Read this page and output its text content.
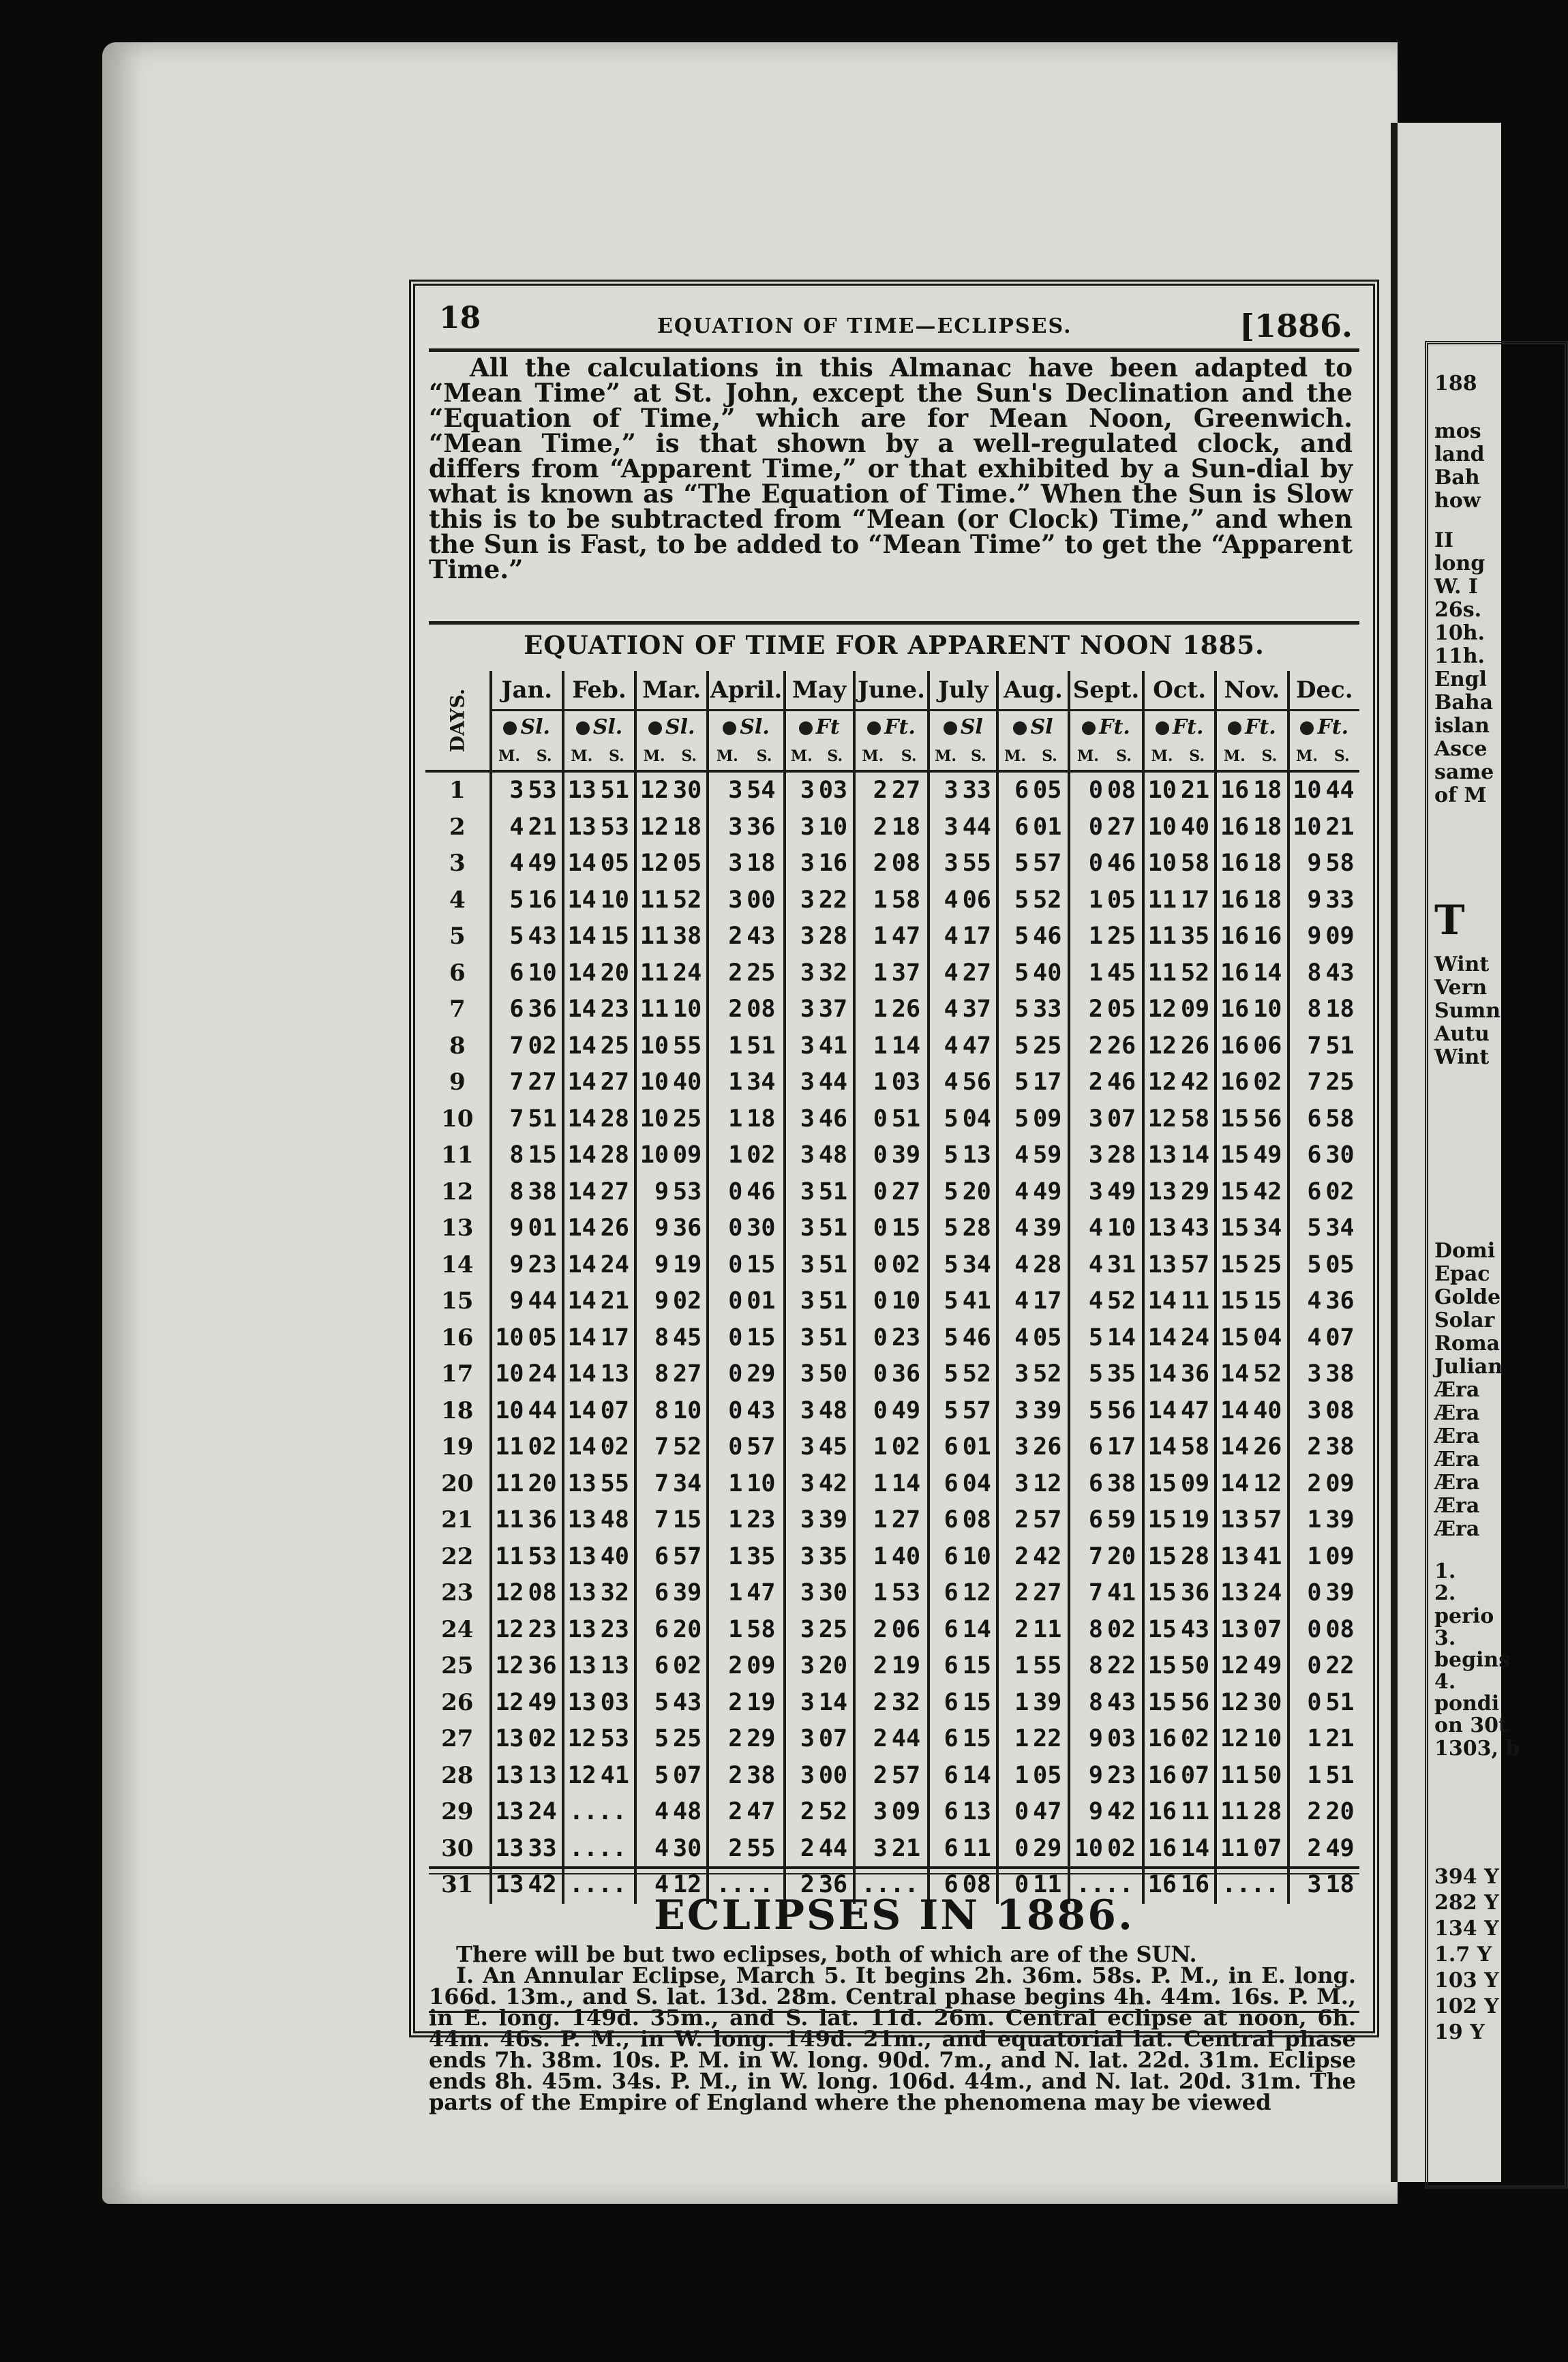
188
mos
land
Bah
how
II
long
W. I
26s.
10h.
11h.
Engl
Baha
islan
Asce
same
of M
T
Wint
Vern
Sumn
Autu
Wint
Domi
Epac
Golde
Solar
Roma
Julian
Æra
Æra
Æra
Æra
Æra
Æra
Æra
1.
2.
perio
3.
begins
4.
pondi
on 30t
1303, b
394 Y
282 Y
134 Y
1.7 Y
103 Y
102 Y
19 Y
18	EQUATION OF TIME—ECLIPSES.	[1886.

All the calculations in this Almanac have been adapted to “Mean Time” at St. John, except the Sun's Declination and the “Equation of Time,” which are for Mean Noon, Greenwich. “Mean Time,” is that shown by a well-regulated clock, and differs from “Apparent Time,” or that exhibited by a Sun-dial by what is known as “The Equation of Time.” When the Sun is Slow this is to be subtracted from “Mean (or Clock) Time,” and when the Sun is Fast, to be added to “Mean Time” to get the “Apparent Time.”

EQUATION OF TIME FOR APPARENT NOON 1885.
DAYS.	Jan.		Feb.		Mar.		April.		May		June.		July		Aug.		Sept.		Oct.		Nov.		Dec.	
	Sl.		Sl.		Sl.		Sl.		Ft		Ft.		Sl		Sl		Ft.		Ft.		Ft.		Ft.	
	M.	S.	M.	S.	M.	S.	M.	S.	M.	S.	M.	S.	M.	S.	M.	S.	M.	S.	M.	S.	M.	S.	M.	S.
1	3	53	13	51	12	30	3	54	3	03	2	27	3	33	6	05	0	08	10	21	16	18	10	44
2	4	21	13	53	12	18	3	36	3	10	2	18	3	44	6	01	0	27	10	40	16	18	10	21
3	4	49	14	05	12	05	3	18	3	16	2	08	3	55	5	57	0	46	10	58	16	18	9	58
4	5	16	14	10	11	52	3	00	3	22	1	58	4	06	5	52	1	05	11	17	16	18	9	33
5	5	43	14	15	11	38	2	43	3	28	1	47	4	17	5	46	1	25	11	35	16	16	9	09
6	6	10	14	20	11	24	2	25	3	32	1	37	4	27	5	40	1	45	11	52	16	14	8	43
7	6	36	14	23	11	10	2	08	3	37	1	26	4	37	5	33	2	05	12	09	16	10	8	18
8	7	02	14	25	10	55	1	51	3	41	1	14	4	47	5	25	2	26	12	26	16	06	7	51
9	7	27	14	27	10	40	1	34	3	44	1	03	4	56	5	17	2	46	12	42	16	02	7	25
10	7	51	14	28	10	25	1	18	3	46	0	51	5	04	5	09	3	07	12	58	15	56	6	58
11	8	15	14	28	10	09	1	02	3	48	0	39	5	13	4	59	3	28	13	14	15	49	6	30
12	8	38	14	27	9	53	0	46	3	51	0	27	5	20	4	49	3	49	13	29	15	42	6	02
13	9	01	14	26	9	36	0	30	3	51	0	15	5	28	4	39	4	10	13	43	15	34	5	34
14	9	23	14	24	9	19	0	15	3	51	0	02	5	34	4	28	4	31	13	57	15	25	5	05
15	9	44	14	21	9	02	0	01	3	51	0	10	5	41	4	17	4	52	14	11	15	15	4	36
16	10	05	14	17	8	45	0	15	3	51	0	23	5	46	4	05	5	14	14	24	15	04	4	07
17	10	24	14	13	8	27	0	29	3	50	0	36	5	52	3	52	5	35	14	36	14	52	3	38
18	10	44	14	07	8	10	0	43	3	48	0	49	5	57	3	39	5	56	14	47	14	40	3	08
19	11	02	14	02	7	52	0	57	3	45	1	02	6	01	3	26	6	17	14	58	14	26	2	38
20	11	20	13	55	7	34	1	10	3	42	1	14	6	04	3	12	6	38	15	09	14	12	2	09
21	11	36	13	48	7	15	1	23	3	39	1	27	6	08	2	57	6	59	15	19	13	57	1	39
22	11	53	13	40	6	57	1	35	3	35	1	40	6	10	2	42	7	20	15	28	13	41	1	09
23	12	08	13	32	6	39	1	47	3	30	1	53	6	12	2	27	7	41	15	36	13	24	0	39
24	12	23	13	23	6	20	1	58	3	25	2	06	6	14	2	11	8	02	15	43	13	07	0	08
25	12	36	13	13	6	02	2	09	3	20	2	19	6	15	1	55	8	22	15	50	12	49	0	22
26	12	49	13	03	5	43	2	19	3	14	2	32	6	15	1	39	8	43	15	56	12	30	0	51
27	13	02	12	53	5	25	2	29	3	07	2	44	6	15	1	22	9	03	16	02	12	10	1	21
28	13	13	12	41	5	07	2	38	3	00	2	57	6	14	1	05	9	23	16	07	11	50	1	51
29	13	24	....		4	48	2	47	2	52	3	09	6	13	0	47	9	42	16	11	11	28	2	20
30	13	33	....		4	30	2	55	2	44	3	21	6	11	0	29	10	02	16	14	11	07	2	49
31	13	42	....		4	12	....		2	36	....		6	08	0	11	....		16	16	....		3	18
ECLIPSES IN 1886.

There will be but two eclipses, both of which are of the SUN.

I. An Annular Eclipse, March 5. It begins 2h. 36m. 58s. P. M., in E. long. 166d. 13m., and S. lat. 13d. 28m. Central phase begins 4h. 44m. 16s. P. M., in E. long. 149d. 35m., and S. lat. 11d. 26m. Central eclipse at noon, 6h. 44m. 46s. P. M., in W. long. 149d. 21m., and equatorial lat. Central phase ends 7h. 38m. 10s. P. M. in W. long. 90d. 7m., and N. lat. 22d. 31m. Eclipse ends 8h. 45m. 34s. P. M., in W. long. 106d. 44m., and N. lat. 20d. 31m. The parts of the Empire of England where the phenomena may be viewed
